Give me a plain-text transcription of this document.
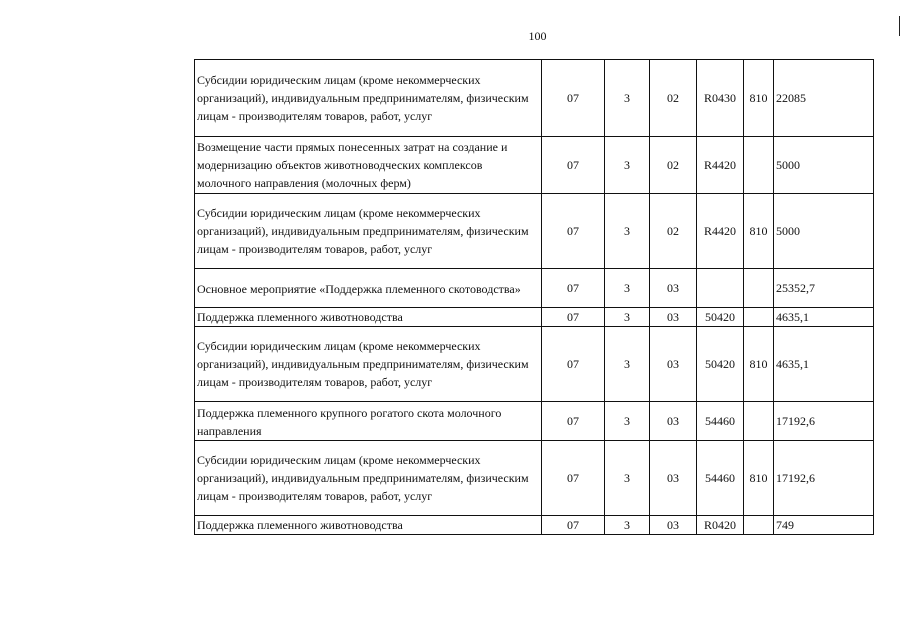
100
Субсидии юридическим лицам (кроме некоммерческих организаций), индивидуальным предпринимателям, физическим лицам - производителям товаров, работ, услуг	07	3	02	R0430	810	22085
Возмещение части прямых понесенных затрат на создание и модернизацию объектов животноводческих комплексов молочного направления (молочных ферм)	07	3	02	R4420		5000
Субсидии юридическим лицам (кроме некоммерческих организаций), индивидуальным предпринимателям, физическим лицам - производителям товаров, работ, услуг	07	3	02	R4420	810	5000
Основное мероприятие «Поддержка племенного скотоводства»	07	3	03			25352,7
Поддержка племенного животноводства	07	3	03	50420		4635,1
Субсидии юридическим лицам (кроме некоммерческих организаций), индивидуальным предпринимателям, физическим лицам - производителям товаров, работ, услуг	07	3	03	50420	810	4635,1
Поддержка племенного крупного рогатого скота молочного направления	07	3	03	54460		17192,6
Субсидии юридическим лицам (кроме некоммерческих организаций), индивидуальным предпринимателям, физическим лицам - производителям товаров, работ, услуг	07	3	03	54460	810	17192,6
Поддержка племенного животноводства	07	3	03	R0420		749
